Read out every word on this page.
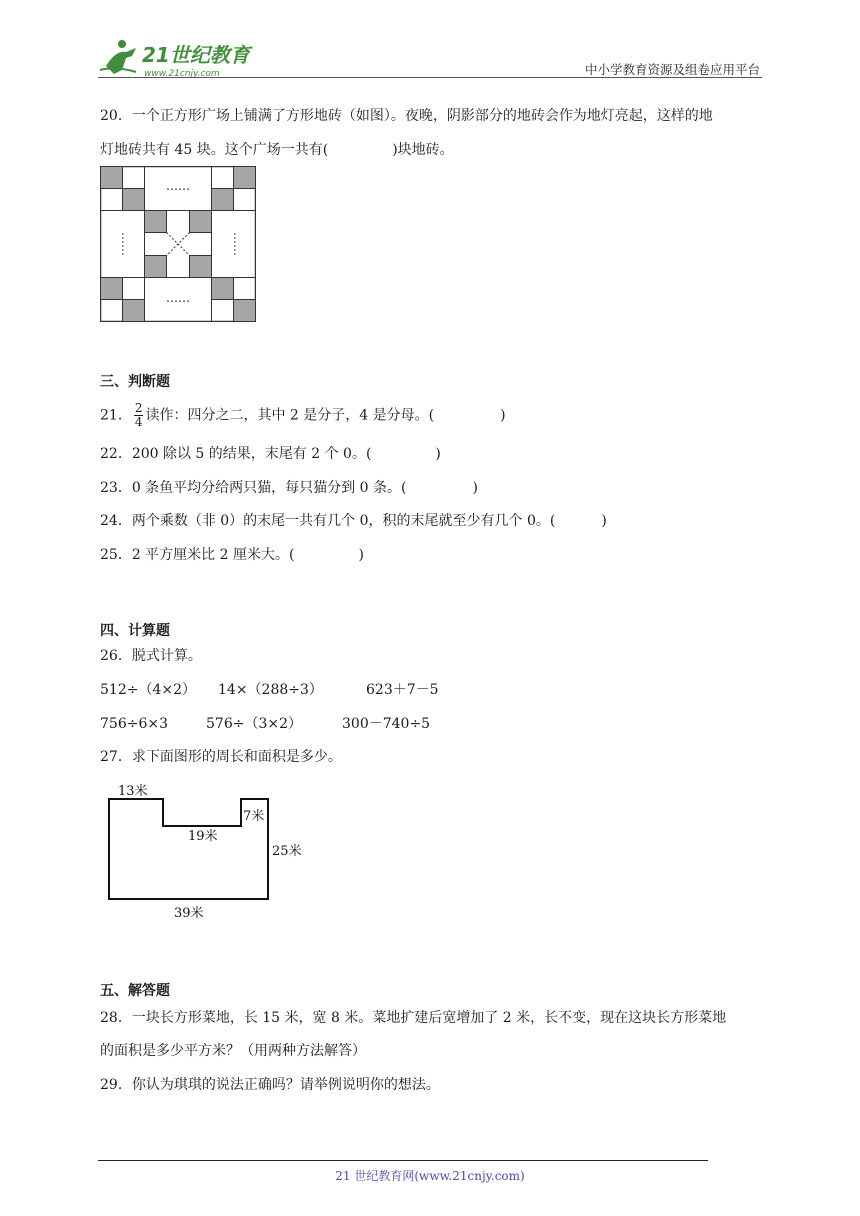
21世纪教育
www.21cnjy.com	中小学教育资源及组卷应用平台
20．一个正方形广场上铺满了方形地砖（如图）。夜晚，阴影部分的地砖会作为地灯亮起，这样的地
灯地砖共有 45 块。这个广场一共有(	)块地砖。
……
……
……	……
三、判断题
21． $\frac{2}{4}$ 读作：四分之二，其中 2 是分子，4 是分母。(	)
22．200 除以 5 的结果，末尾有 2 个 0。(	)
23．0 条鱼平均分给两只猫，每只猫分到 0 条。(	)
24．两个乘数（非 0）的末尾一共有几个 0，积的末尾就至少有几个 0。(	)
25．2 平方厘米比 2 厘米大。(	)
四、计算题
26．脱式计算。
512÷（4×2） 14×（288÷3）	623＋7－5
756÷6×3	576÷（3×2）	300－740÷5
27．求下面图形的周长和面积是多少。
13米
7米
19米
25米
39米
五、解答题
28．一块长方形菜地，长 15 米，宽 8 米。菜地扩建后宽增加了 2 米，长不变，现在这块长方形菜地
的面积是多少平方米？（用两种方法解答）
29．你认为琪琪的说法正确吗？请举例说明你的想法。
21 世纪教育网(www.21cnjy.com)
